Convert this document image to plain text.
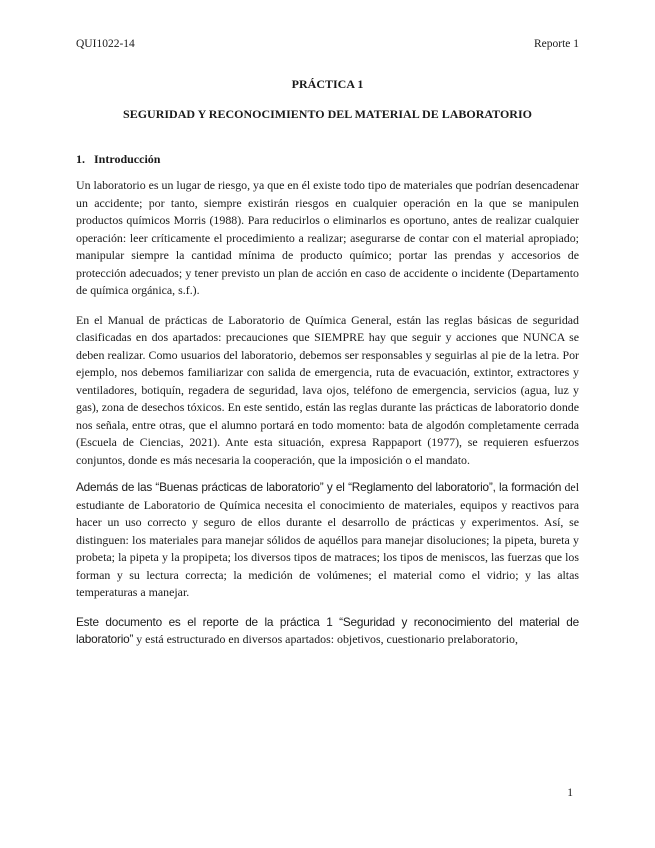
QUI1022-14	Reporte 1

PRÁCTICA 1

SEGURIDAD Y RECONOCIMIENTO DEL MATERIAL DE LABORATORIO

1. Introducción

Un laboratorio es un lugar de riesgo, ya que en él existe todo tipo de materiales que podrían desencadenar un accidente; por tanto, siempre existirán riesgos en cualquier operación en la que se manipulen productos químicos Morris (1988). Para reducirlos o eliminarlos es oportuno, antes de realizar cualquier operación: leer críticamente el procedimiento a realizar; asegurarse de contar con el material apropiado; manipular siempre la cantidad mínima de producto químico; portar las prendas y accesorios de protección adecuados; y tener previsto un plan de acción en caso de accidente o incidente (Departamento de química orgánica, s.f.).

En el Manual de prácticas de Laboratorio de Química General, están las reglas básicas de seguridad clasificadas en dos apartados: precauciones que SIEMPRE hay que seguir y acciones que NUNCA se deben realizar. Como usuarios del laboratorio, debemos ser responsables y seguirlas al pie de la letra. Por ejemplo, nos debemos familiarizar con salida de emergencia, ruta de evacuación, extintor, extractores y ventiladores, botiquín, regadera de seguridad, lava ojos, teléfono de emergencia, servicios (agua, luz y gas), zona de desechos tóxicos. En este sentido, están las reglas durante las prácticas de laboratorio donde nos señala, entre otras, que el alumno portará en todo momento: bata de algodón completamente cerrada (Escuela de Ciencias, 2021). Ante esta situación, expresa Rappaport (1977), se requieren esfuerzos conjuntos, donde es más necesaria la cooperación, que la imposición o el mandato.

Además de las “Buenas prácticas de laboratorio” y el “Reglamento del laboratorio”, la formación del estudiante de Laboratorio de Química necesita el conocimiento de materiales, equipos y reactivos para hacer un uso correcto y seguro de ellos durante el desarrollo de prácticas y experimentos. Así, se distinguen: los materiales para manejar sólidos de aquéllos para manejar disoluciones; la pipeta, bureta y probeta; la pipeta y la propipeta; los diversos tipos de matraces; los tipos de meniscos, las fuerzas que los forman y su lectura correcta; la medición de volúmenes; el material como el vidrio; y las altas temperaturas a manejar.

Este documento es el reporte de la práctica 1 “Seguridad y reconocimiento del material de laboratorio” y está estructurado en diversos apartados: objetivos, cuestionario prelaboratorio,

1
